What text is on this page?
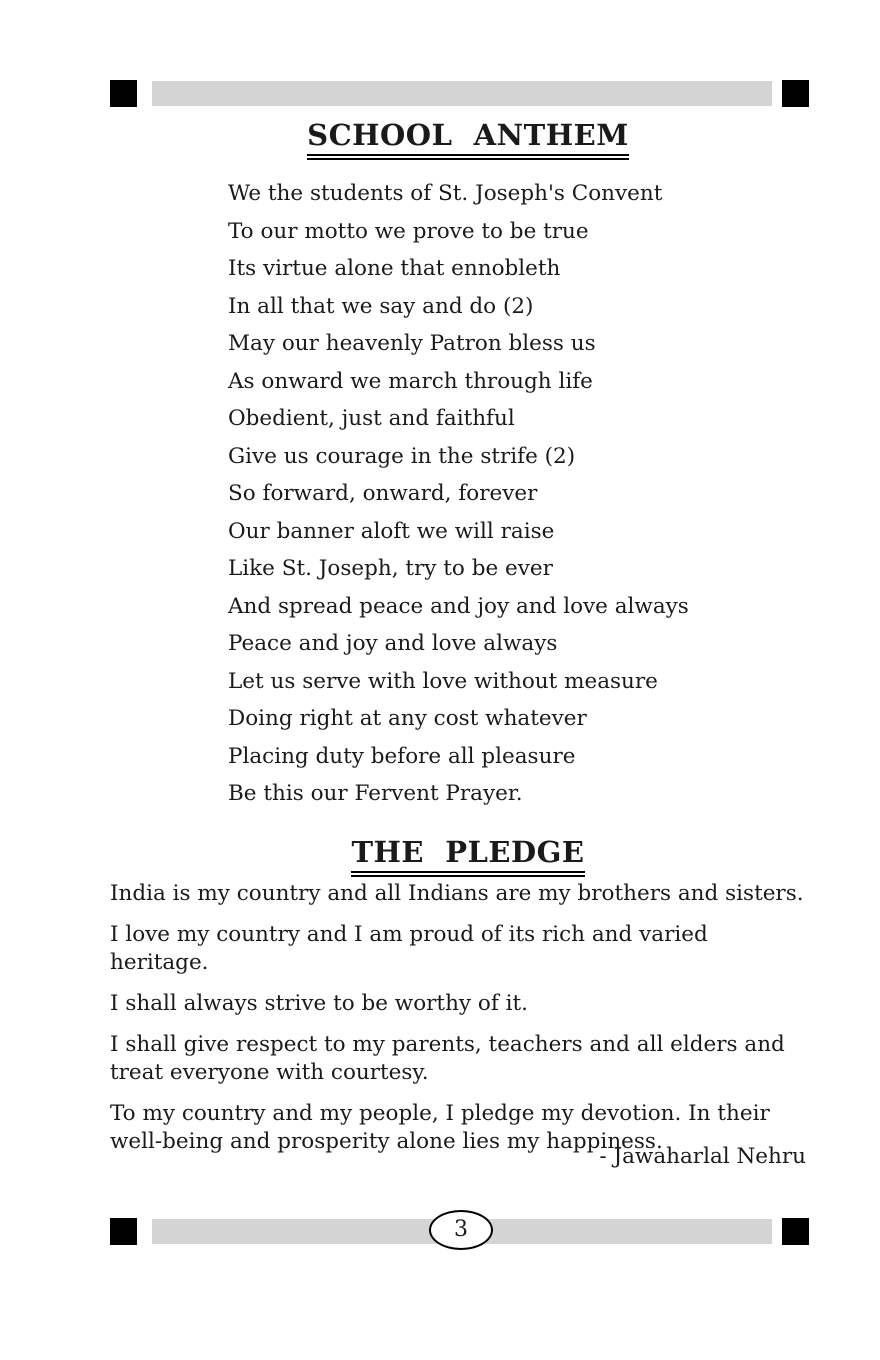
SCHOOL  ANTHEM
We the students of St. Joseph's Convent
To our motto we prove to be true
Its virtue alone that ennobleth
In all that we say and do (2)
May our heavenly Patron bless us
As onward we march through life
Obedient, just and faithful
Give us courage in the strife (2)
So forward, onward, forever
Our banner aloft we will raise
Like St. Joseph, try to be ever
And spread peace and joy and love always
Peace and joy and love always
Let us serve with love without measure
Doing right at any cost whatever
Placing duty before all pleasure
Be this our Fervent Prayer.
THE  PLEDGE

India is my country and all Indians are my brothers and sisters.

I love my country and I am proud of its rich and varied heritage.

I shall always strive to be worthy of it.

I shall give respect to my parents, teachers and all elders and treat everyone with courtesy.

To my country and my people, I pledge my devotion. In their well-being and prosperity alone lies my happiness.

- Jawaharlal Nehru
3
